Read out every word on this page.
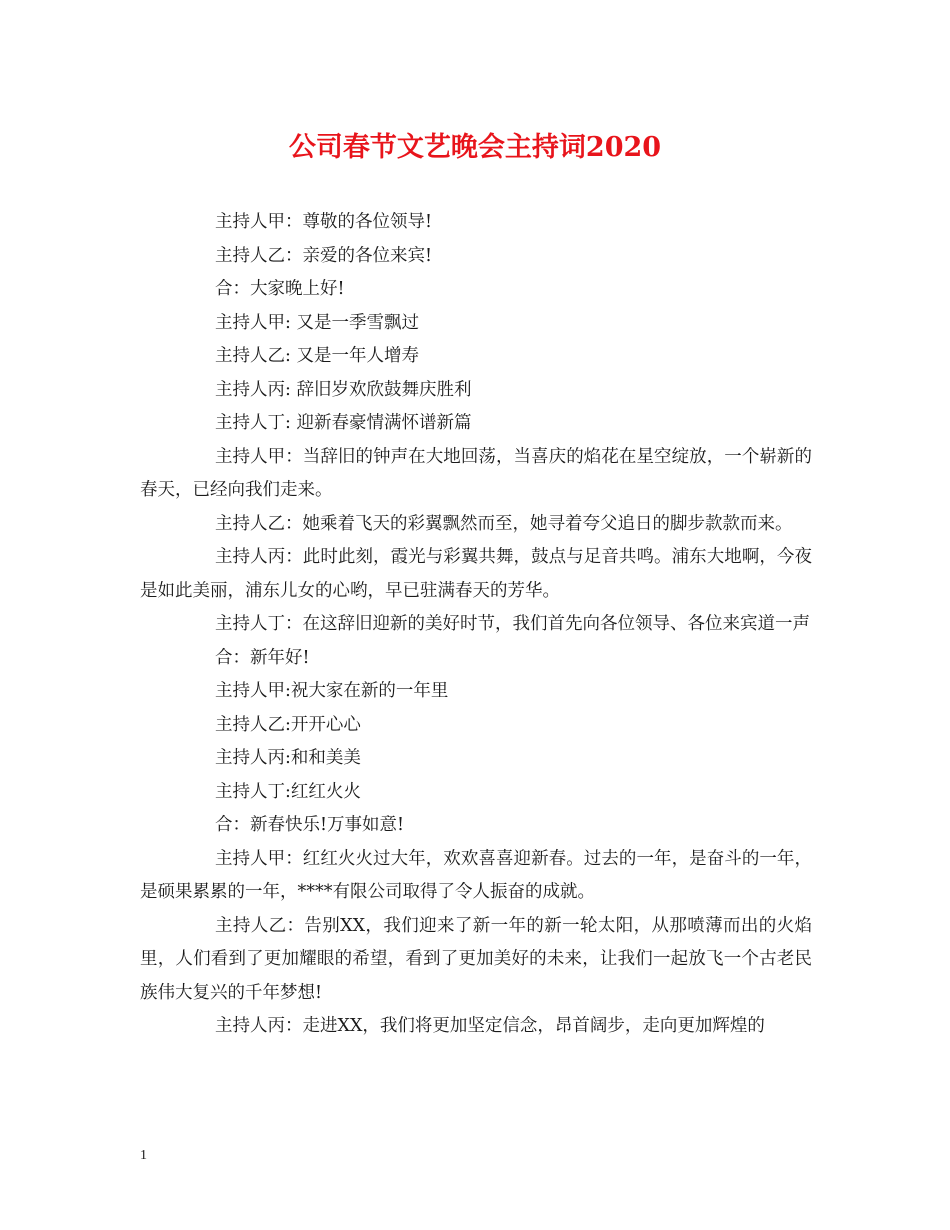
公司春节文艺晚会主持词2020

主持人甲：尊敬的各位领导!

主持人乙：亲爱的各位来宾!

合：大家晚上好!

主持人甲: 又是一季雪飘过

主持人乙: 又是一年人增寿

主持人丙: 辞旧岁欢欣鼓舞庆胜利

主持人丁: 迎新春豪情满怀谱新篇

主持人甲：当辞旧的钟声在大地回荡，当喜庆的焰花在星空绽放，一个崭新的春天，已经向我们走来。

主持人乙：她乘着飞天的彩翼飘然而至，她寻着夸父追日的脚步款款而来。

主持人丙：此时此刻，霞光与彩翼共舞，鼓点与足音共鸣。浦东大地啊，今夜是如此美丽，浦东儿女的心哟，早已驻满春天的芳华。

主持人丁：在这辞旧迎新的美好时节，我们首先向各位领导、各位来宾道一声

合：新年好!

主持人甲:祝大家在新的一年里

主持人乙:开开心心

主持人丙:和和美美

主持人丁:红红火火

合：新春快乐!万事如意!

主持人甲：红红火火过大年，欢欢喜喜迎新春。过去的一年，是奋斗的一年，是硕果累累的一年，****有限公司取得了令人振奋的成就。

主持人乙：告别XX，我们迎来了新一年的新一轮太阳，从那喷薄而出的火焰里，人们看到了更加耀眼的希望，看到了更加美好的未来，让我们一起放飞一个古老民族伟大复兴的千年梦想!

主持人丙：走进XX，我们将更加坚定信念，昂首阔步，走向更加辉煌的

1
